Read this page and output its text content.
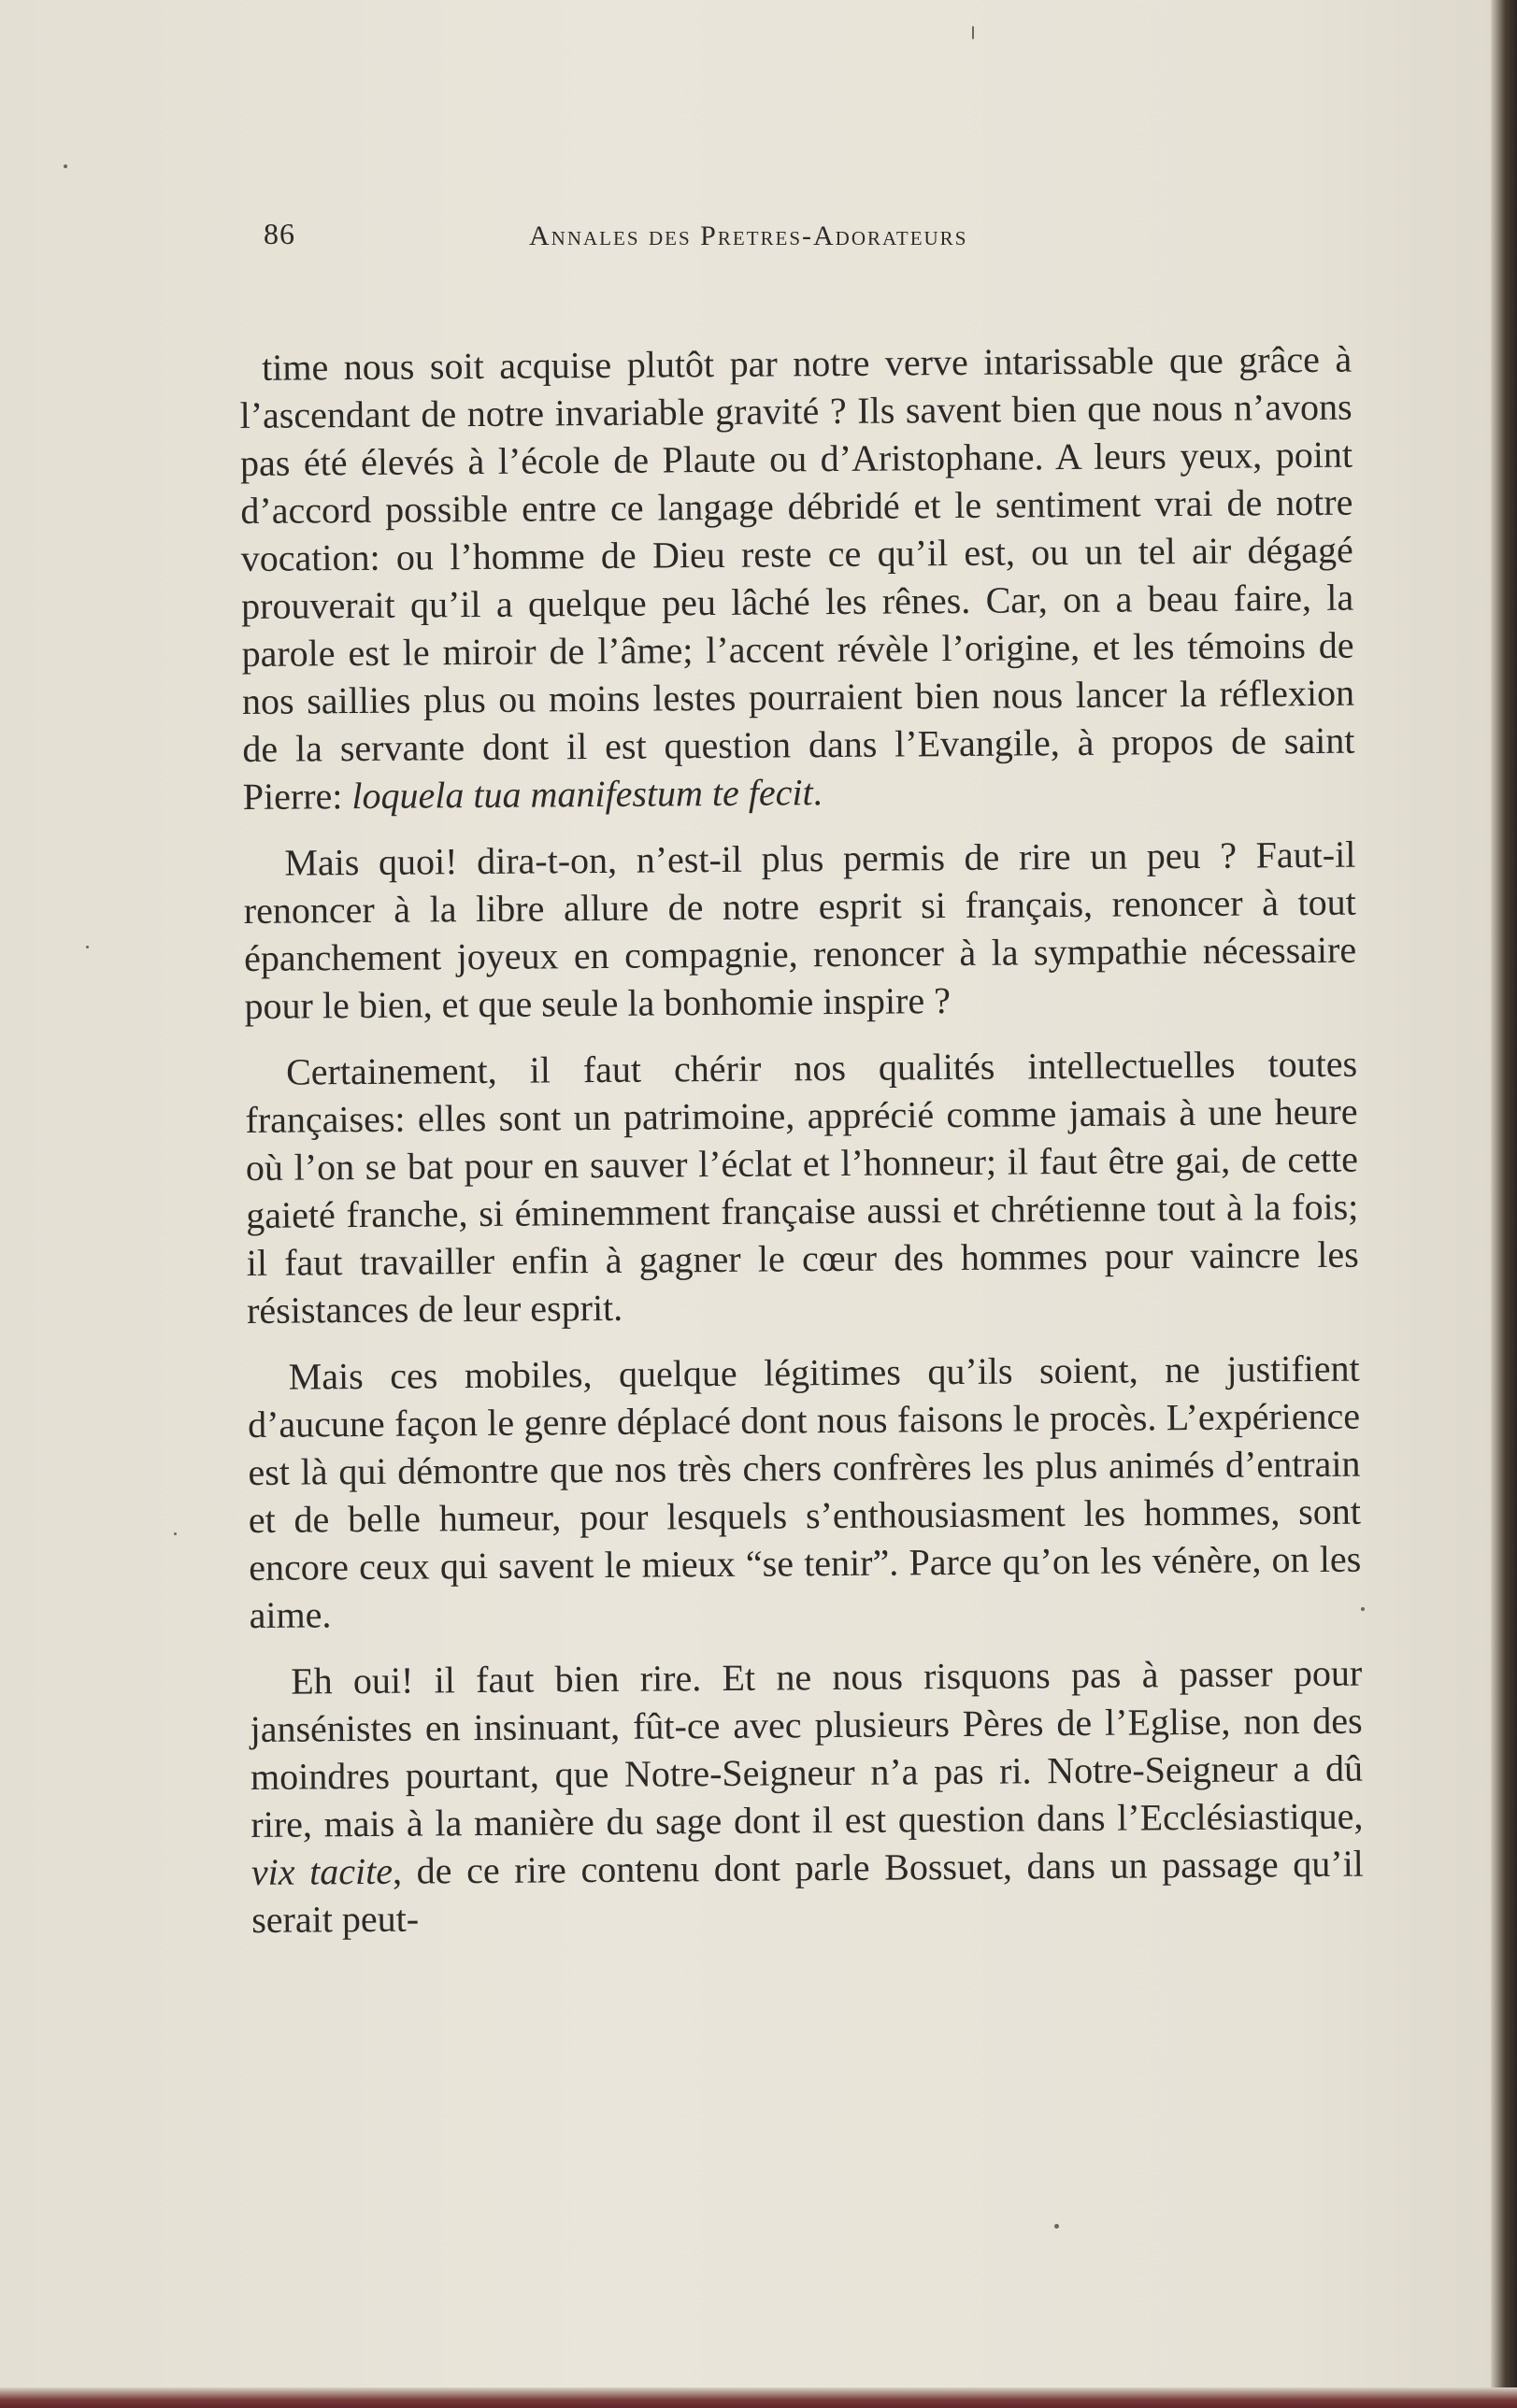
86	Annales des Pretres-Adorateurs

time nous soit acquise plutôt par notre verve intarissable que grâce à l’ascendant de notre invariable gravité ? Ils savent bien que nous n’avons pas été élevés à l’école de Plaute ou d’Aristophane. A leurs yeux, point d’accord possible entre ce langage débridé et le sentiment vrai de notre vocation: ou l’homme de Dieu reste ce qu’il est, ou un tel air dégagé prouverait qu’il a quelque peu lâché les rênes. Car, on a beau faire, la parole est le miroir de l’âme; l’accent révèle l’origine, et les témoins de nos saillies plus ou moins lestes pourraient bien nous lancer la réflexion de la servante dont il est question dans l’Evangile, à propos de saint Pierre: loquela tua manifestum te fecit.

Mais quoi! dira-t-on, n’est-il plus permis de rire un peu ? Faut-il renoncer à la libre allure de notre esprit si français, renoncer à tout épanchement joyeux en compagnie, renoncer à la sympathie nécessaire pour le bien, et que seule la bonhomie inspire ?

Certainement, il faut chérir nos qualités intellectuelles toutes françaises: elles sont un patrimoine, apprécié comme jamais à une heure où l’on se bat pour en sauver l’éclat et l’honneur; il faut être gai, de cette gaieté franche, si éminemment française aussi et chrétienne tout à la fois; il faut travailler enfin à gagner le cœur des hommes pour vaincre les résistances de leur esprit.

Mais ces mobiles, quelque légitimes qu’ils soient, ne justifient d’aucune façon le genre déplacé dont nous faisons le procès. L’expérience est là qui démontre que nos très chers confrères les plus animés d’entrain et de belle humeur, pour lesquels s’enthousiasment les hommes, sont encore ceux qui savent le mieux “se tenir”. Parce qu’on les vénère, on les aime.

Eh oui! il faut bien rire. Et ne nous risquons pas à passer pour jansénistes en insinuant, fût-ce avec plusieurs Pères de l’Eglise, non des moindres pourtant, que Notre-Seigneur n’a pas ri. Notre-Seigneur a dû rire, mais à la manière du sage dont il est question dans l’Ecclésiastique, vix tacite, de ce rire contenu dont parle Bossuet, dans un passage qu’il serait peut-
